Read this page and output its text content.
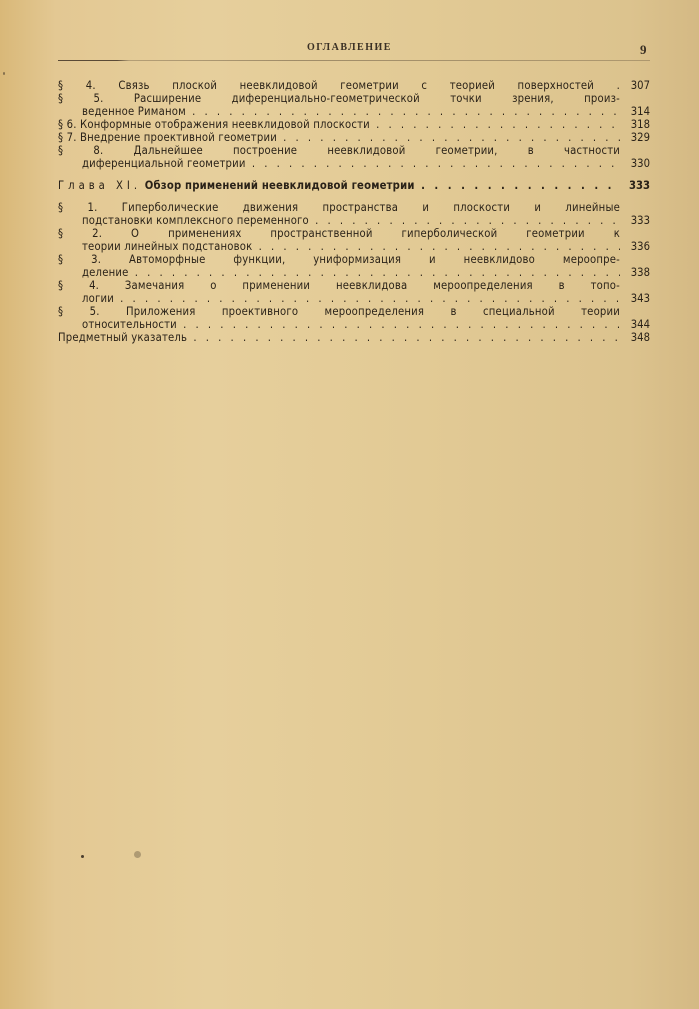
ОГЛАВЛЕНИЕ	9
§ 4. Связь плоской неевклидовой геометрии с теорией поверхностей . 307
§ 5. Расширение диференциально-геометрической точки зрения, произ-
веденное Риманом . . .	314
§ 6. Конформные отображения неевклидовой плоскости . . .	318
§ 7. Внедрение проективной геометрии . . .	329
§ 8. Дальнейшее построение неевклидовой геометрии, в частности
диференциальной геометрии . . .	330
Глава XI. Обзор применений неевклидовой геометрии . . .	333
§ 1. Гиперболические движения пространства и плоскости и линейные
подстановки комплексного переменного . . .	333
§ 2. О применениях пространственной гиперболической геометрии к
теории линейных подстановок . . .	336
§ 3. Автоморфные функции, униформизация и неевклидово мероопре-
деление . . .	338
§ 4. Замечания о применении неевклидова мероопределения в топо-
логии . . .	343
§ 5. Приложения проективного мероопределения в специальной теории
относительности . . .	344
Предметный указатель . . .	348
